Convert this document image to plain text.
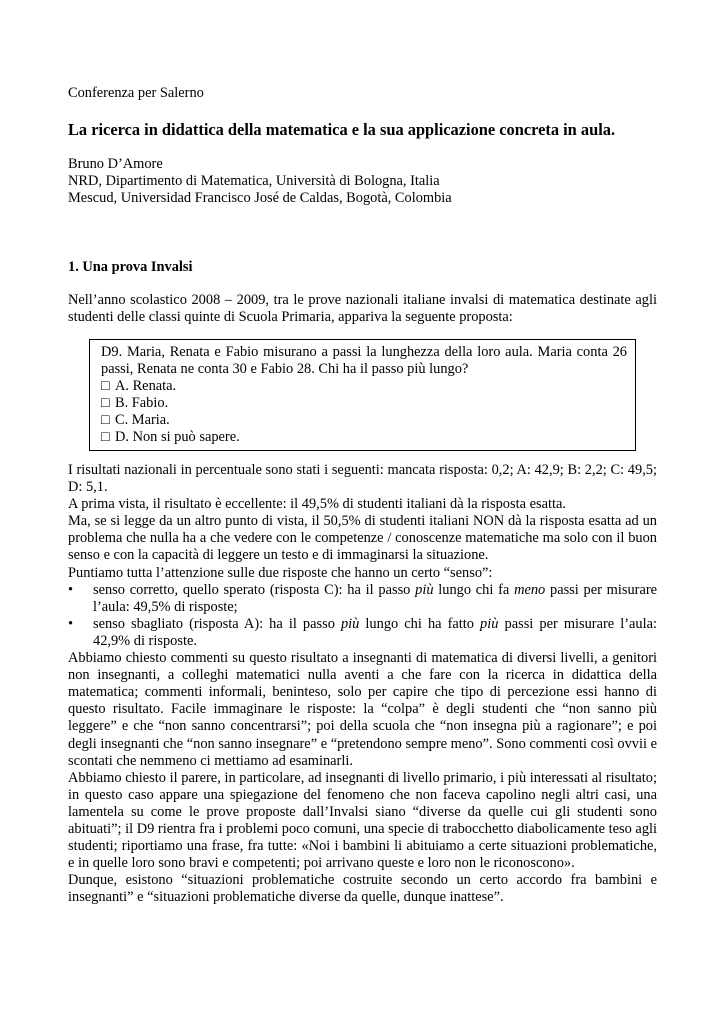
Conferenza per Salerno

La ricerca in didattica della matematica e la sua applicazione concreta in aula.
Bruno D’Amore
NRD, Dipartimento di Matematica, Università di Bologna, Italia
Mescud, Universidad Francisco José de Caldas, Bogotà, Colombia
1. Una prova Invalsi

Nell’anno scolastico 2008 – 2009, tra le prove nazionali italiane invalsi di matematica destinate agli studenti delle classi quinte di Scuola Primaria, appariva la seguente proposta:

D9. Maria, Renata e Fabio misurano a passi la lunghezza della loro aula. Maria conta 26 passi, Renata ne conta 30 e Fabio 28. Chi ha il passo più lungo?
□ A. Renata.
□ B. Fabio.
□ C. Maria.
□ D. Non si può sapere.
I risultati nazionali in percentuale sono stati i seguenti: mancata risposta: 0,2; A: 42,9; B: 2,2; C: 49,5; D: 5,1.
A prima vista, il risultato è eccellente: il 49,5% di studenti italiani dà la risposta esatta.
Ma, se si legge da un altro punto di vista, il 50,5% di studenti italiani NON dà la risposta esatta ad un problema che nulla ha a che vedere con le competenze / conoscenze matematiche ma solo con il buon senso e con la capacità di leggere un testo e di immaginarsi la situazione.
Puntiamo tutta l’attenzione sulle due risposte che hanno un certo “senso”:
•	senso corretto, quello sperato (risposta C): ha il passo più lungo chi fa meno passi per misurare l’aula: 49,5% di risposte;
•	senso sbagliato (risposta A): ha il passo più lungo chi ha fatto più passi per misurare l’aula: 42,9% di risposte.
Abbiamo chiesto commenti su questo risultato a insegnanti di matematica di diversi livelli, a genitori non insegnanti, a colleghi matematici nulla aventi a che fare con la ricerca in didattica della matematica; commenti informali, beninteso, solo per capire che tipo di percezione essi hanno di questo risultato. Facile immaginare le risposte: la “colpa” è degli studenti che “non sanno più leggere” e che “non sanno concentrarsi”; poi della scuola che “non insegna più a ragionare”; e poi degli insegnanti che “non sanno insegnare” e “pretendono sempre meno”. Sono commenti così ovvii e scontati che nemmeno ci mettiamo ad esaminarli.
Abbiamo chiesto il parere, in particolare, ad insegnanti di livello primario, i più interessati al risultato; in questo caso appare una spiegazione del fenomeno che non faceva capolino negli altri casi, una lamentela su come le prove proposte dall’Invalsi siano “diverse da quelle cui gli studenti sono abituati”; il D9 rientra fra i problemi poco comuni, una specie di trabocchetto diabolicamente teso agli studenti; riportiamo una frase, fra tutte: «Noi i bambini li abituiamo a certe situazioni problematiche, e in quelle loro sono bravi e competenti; poi arrivano queste e loro non le riconoscono».
Dunque, esistono “situazioni problematiche costruite secondo un certo accordo fra bambini e insegnanti” e “situazioni problematiche diverse da quelle, dunque inattese”.
